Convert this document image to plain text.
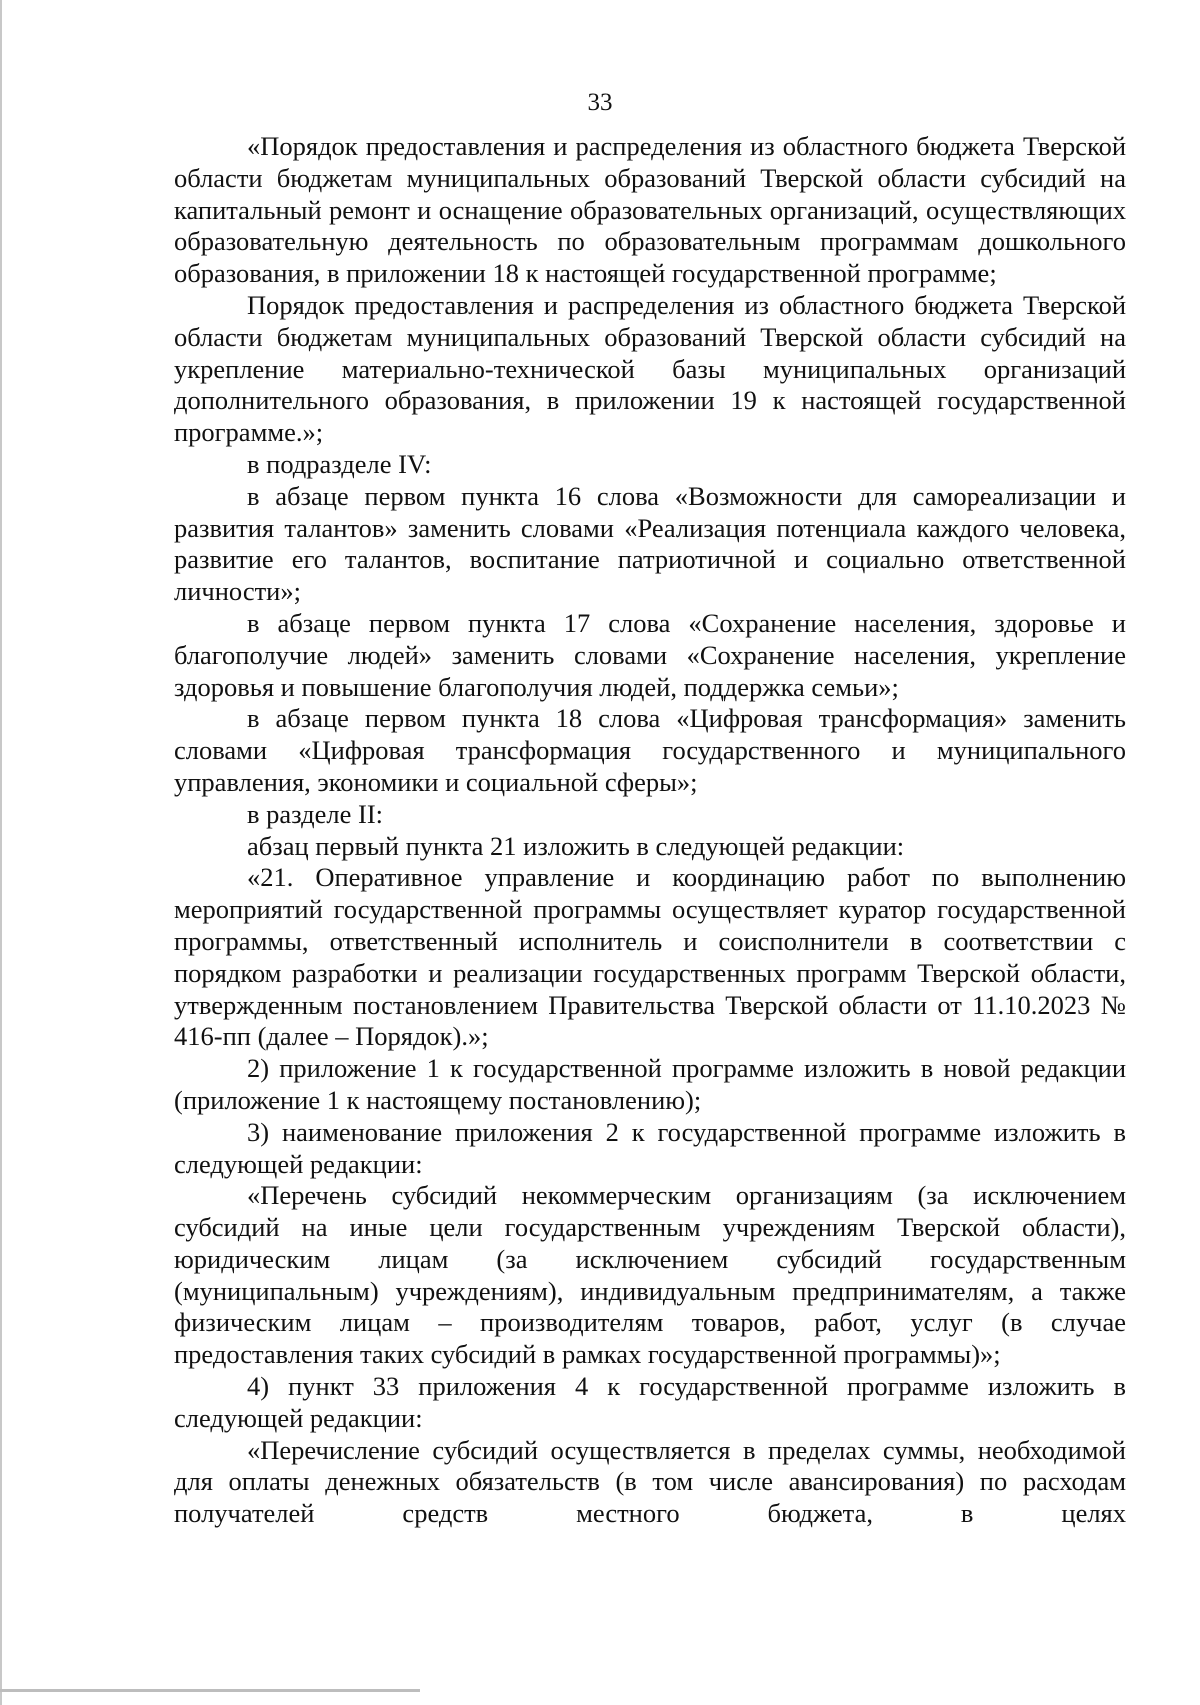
33

«Порядок предоставления и распределения из областного бюджета Тверской области бюджетам муниципальных образований Тверской области субсидий на капитальный ремонт и оснащение образовательных организаций, осуществляющих образовательную деятельность по образовательным программам дошкольного образования, в приложении 18 к настоящей государственной программе;

Порядок предоставления и распределения из областного бюджета Тверской области бюджетам муниципальных образований Тверской области субсидий на укрепление материально-технической базы муниципальных организаций дополнительного образования, в приложении 19 к настоящей государственной программе.»;

в подразделе IV:

в абзаце первом пункта 16 слова «Возможности для самореализации и развития талантов» заменить словами «Реализация потенциала каждого человека, развитие его талантов, воспитание патриотичной и социально ответственной личности»;

в абзаце первом пункта 17 слова «Сохранение населения, здоровье и благополучие людей» заменить словами «Сохранение населения, укрепление здоровья и повышение благополучия людей, поддержка семьи»;

в абзаце первом пункта 18 слова «Цифровая трансформация» заменить словами «Цифровая трансформация государственного и муниципального управления, экономики и социальной сферы»;

в разделе II:

абзац первый пункта 21 изложить в следующей редакции:

«21. Оперативное управление и координацию работ по выполнению мероприятий государственной программы осуществляет куратор государственной программы, ответственный исполнитель и соисполнители в соответствии с порядком разработки и реализации государственных программ Тверской области, утвержденным постановлением Правительства Тверской области от 11.10.2023 № 416-пп (далее – Порядок).»;

2) приложение 1 к государственной программе изложить в новой редакции (приложение 1 к настоящему постановлению);

3) наименование приложения 2 к государственной программе изложить в следующей редакции:

«Перечень субсидий некоммерческим организациям (за исключением субсидий на иные цели государственным учреждениям Тверской области), юридическим лицам (за исключением субсидий государственным (муниципальным) учреждениям), индивидуальным предпринимателям, а также физическим лицам – производителям товаров, работ, услуг (в случае предоставления таких субсидий в рамках государственной программы)»;

4) пункт 33 приложения 4 к государственной программе изложить в следующей редакции:

«Перечисление субсидий осуществляется в пределах суммы, необходимой для оплаты денежных обязательств (в том числе авансирования) по расходам получателей средств местного бюджета, в целях
